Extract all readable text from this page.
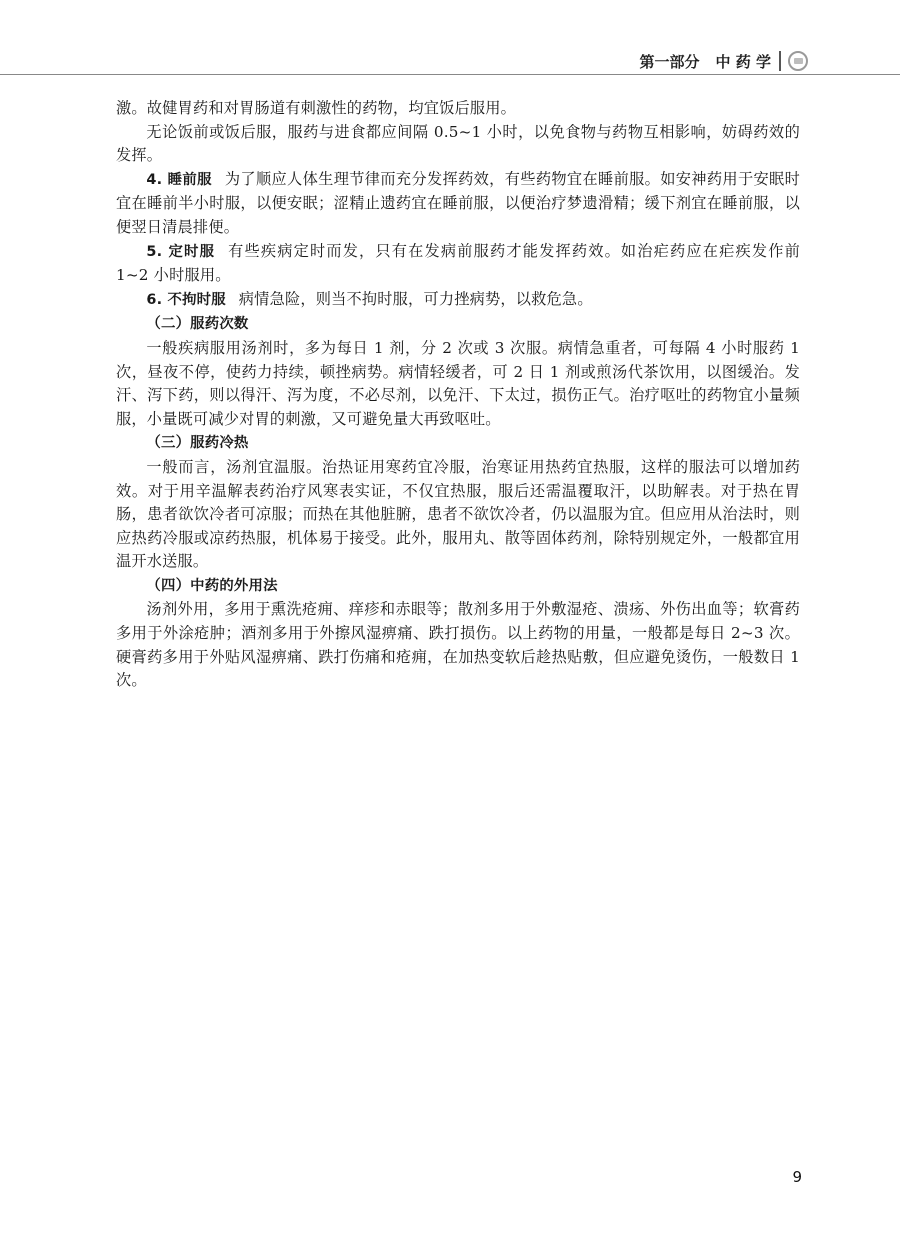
第一部分 中 药 学

激。故健胃药和对胃肠道有刺激性的药物，均宜饭后服用。

无论饭前或饭后服，服药与进食都应间隔 0.5~1 小时，以免食物与药物互相影响，妨碍药效的发挥。

4. 睡前服 为了顺应人体生理节律而充分发挥药效，有些药物宜在睡前服。如安神药用于安眠时宜在睡前半小时服，以便安眠；涩精止遗药宜在睡前服，以便治疗梦遗滑精；缓下剂宜在睡前服，以便翌日清晨排便。

5. 定时服 有些疾病定时而发，只有在发病前服药才能发挥药效。如治疟药应在疟疾发作前 1~2 小时服用。

6. 不拘时服 病情急险，则当不拘时服，可力挫病势，以救危急。

（二）服药次数

一般疾病服用汤剂时，多为每日 1 剂，分 2 次或 3 次服。病情急重者，可每隔 4 小时服药 1 次，昼夜不停，使药力持续，顿挫病势。病情轻缓者，可 2 日 1 剂或煎汤代茶饮用，以图缓治。发汗、泻下药，则以得汗、泻为度，不必尽剂，以免汗、下太过，损伤正气。治疗呕吐的药物宜小量频服，小量既可减少对胃的刺激，又可避免量大再致呕吐。

（三）服药冷热

一般而言，汤剂宜温服。治热证用寒药宜冷服，治寒证用热药宜热服，这样的服法可以增加药效。对于用辛温解表药治疗风寒表实证，不仅宜热服，服后还需温覆取汗，以助解表。对于热在胃肠，患者欲饮冷者可凉服；而热在其他脏腑，患者不欲饮冷者，仍以温服为宜。但应用从治法时，则应热药冷服或凉药热服，机体易于接受。此外，服用丸、散等固体药剂，除特别规定外，一般都宜用温开水送服。

（四）中药的外用法

汤剂外用，多用于熏洗疮痈、痒疹和赤眼等；散剂多用于外敷湿疮、溃疡、外伤出血等；软膏药多用于外涂疮肿；酒剂多用于外擦风湿痹痛、跌打损伤。以上药物的用量，一般都是每日 2~3 次。硬膏药多用于外贴风湿痹痛、跌打伤痛和疮痈，在加热变软后趁热贴敷，但应避免烫伤，一般数日 1 次。

9
